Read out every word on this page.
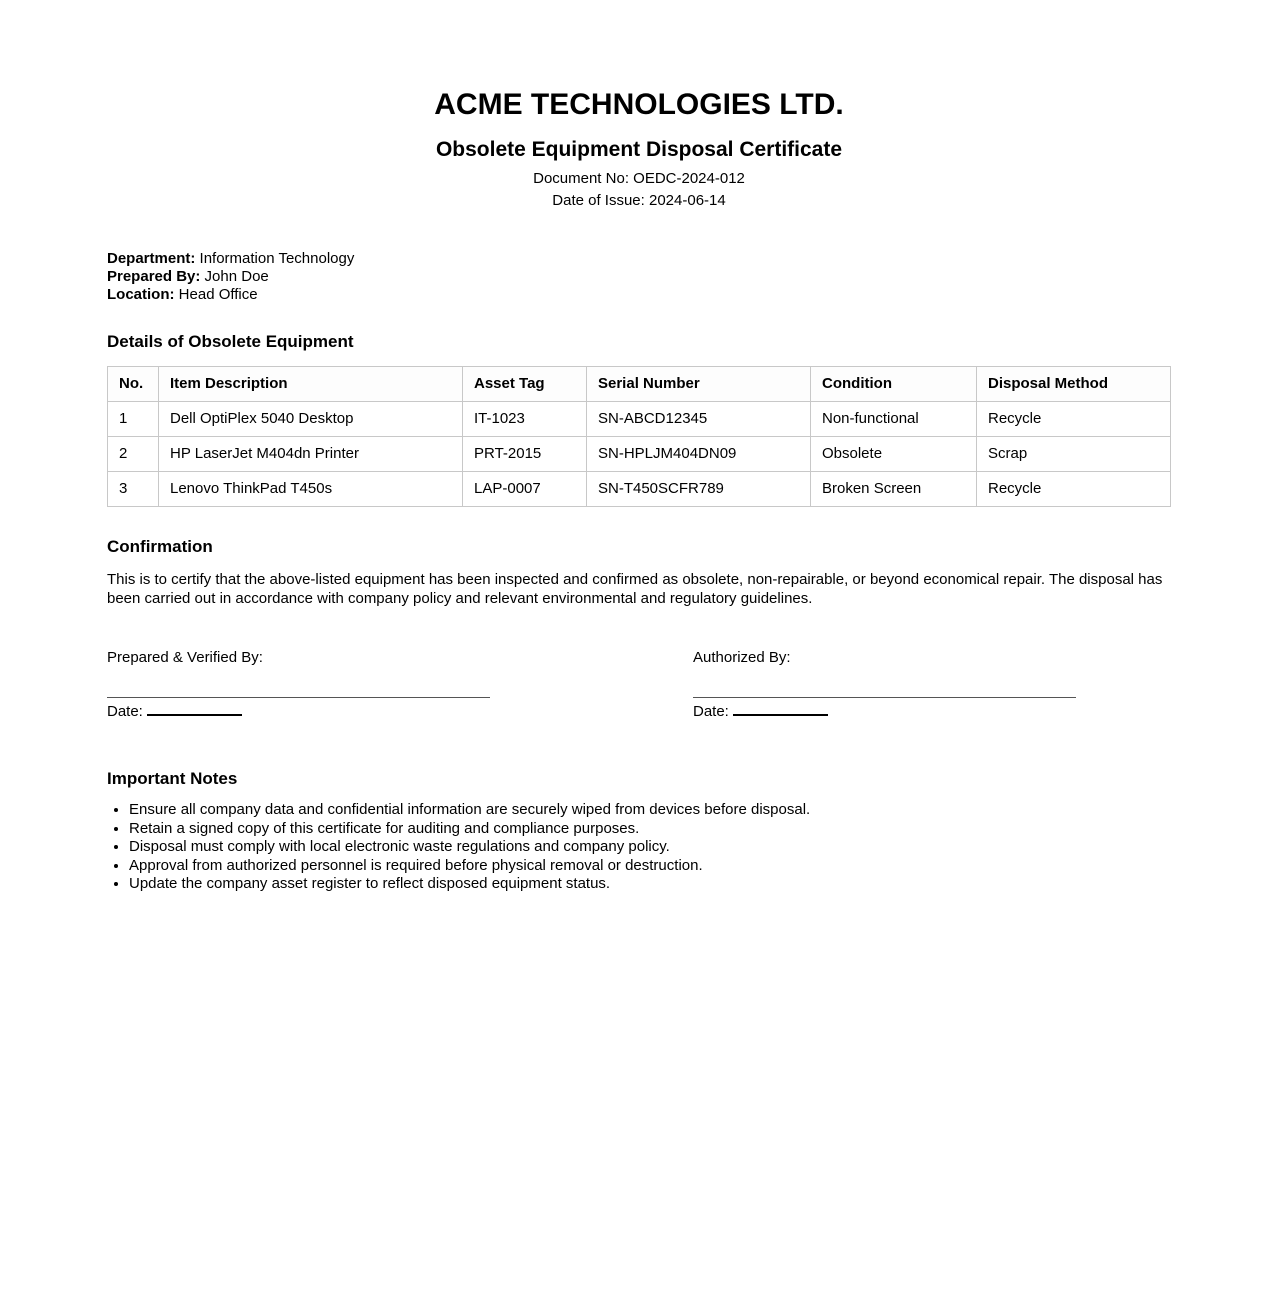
ACME TECHNOLOGIES LTD.
Obsolete Equipment Disposal Certificate
Document No: OEDC-2024-012
Date of Issue: 2024-06-14
Department: Information Technology
Prepared By: John Doe
Location: Head Office
Details of Obsolete Equipment
No.	Item Description	Asset Tag	Serial Number	Condition	Disposal Method
1	Dell OptiPlex 5040 Desktop	IT-1023	SN-ABCD12345	Non-functional	Recycle
2	HP LaserJet M404dn Printer	PRT-2015	SN-HPLJM404DN09	Obsolete	Scrap
3	Lenovo ThinkPad T450s	LAP-0007	SN-T450SCFR789	Broken Screen	Recycle
Confirmation

This is to certify that the above-listed equipment has been inspected and confirmed as obsolete, non-repairable, or beyond economical repair. The disposal has been carried out in accordance with company policy and relevant environmental and regulatory guidelines.

Prepared & Verified By:
Date:
Authorized By:
Date:
Important Notes
• Ensure all company data and confidential information are securely wiped from devices before disposal.
• Retain a signed copy of this certificate for auditing and compliance purposes.
• Disposal must comply with local electronic waste regulations and company policy.
• Approval from authorized personnel is required before physical removal or destruction.
• Update the company asset register to reflect disposed equipment status.
